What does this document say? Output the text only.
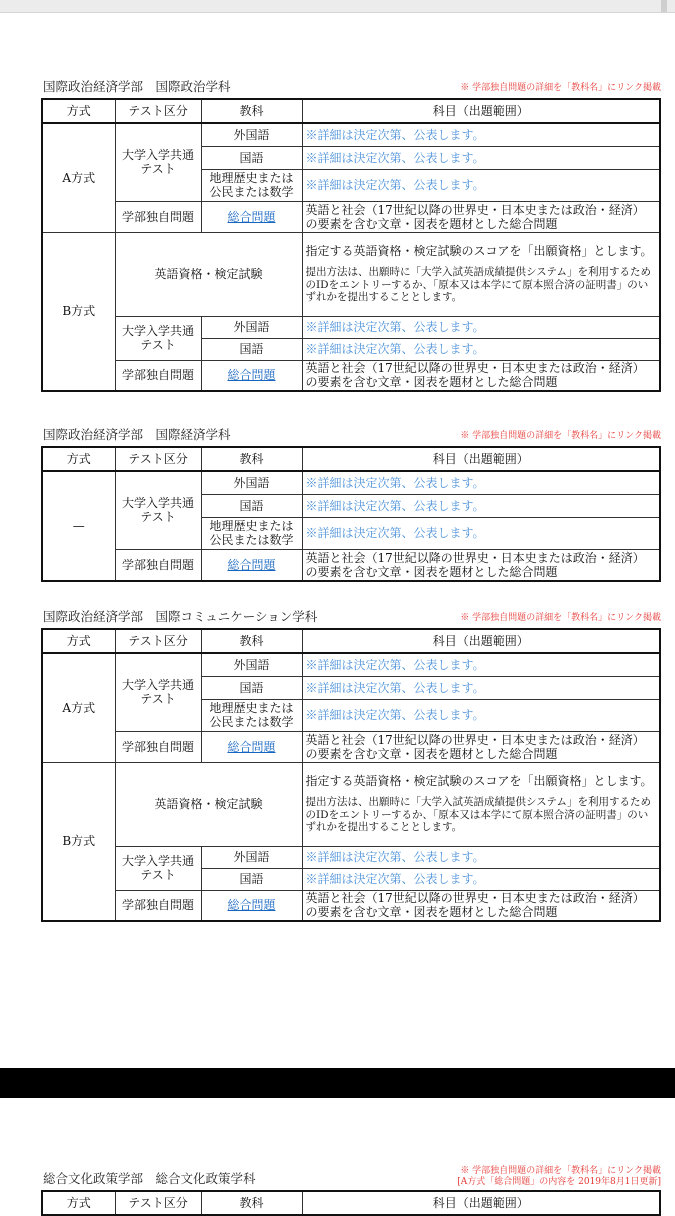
国際政治経済学部　国際政治学科	※ 学部独自問題の詳細を「教科名」にリンク掲載
方式	テスト区分	教科	科目（出題範囲）
A方式	大学入学共通テスト	外国語	※詳細は決定次第、公表します。
		国語	※詳細は決定次第、公表します。
		地理歴史または公民または数学	※詳細は決定次第、公表します。
	学部独自問題	総合問題	英語と社会（17世紀以降の世界史・日本史または政治・経済）の要素を含む文章・図表を題材とした総合問題
B方式	英語資格・検定試験		指定する英語資格・検定試験のスコアを「出願資格」とします。

提出方法は、出願時に「大学入試英語成績提供システム」を利用するためのIDをエントリーするか、「原本又は本学にて原本照合済の証明書」のいずれかを提出することとします。

	大学入学共通テスト	外国語	※詳細は決定次第、公表します。
		国語	※詳細は決定次第、公表します。
	学部独自問題	総合問題	英語と社会（17世紀以降の世界史・日本史または政治・経済）の要素を含む文章・図表を題材とした総合問題
国際政治経済学部　国際経済学科	※ 学部独自問題の詳細を「教科名」にリンク掲載
方式	テスト区分	教科	科目（出題範囲）
—	大学入学共通テスト	外国語	※詳細は決定次第、公表します。
		国語	※詳細は決定次第、公表します。
		地理歴史または公民または数学	※詳細は決定次第、公表します。
	学部独自問題	総合問題	英語と社会（17世紀以降の世界史・日本史または政治・経済）の要素を含む文章・図表を題材とした総合問題
国際政治経済学部　国際コミュニケーション学科	※ 学部独自問題の詳細を「教科名」にリンク掲載
方式	テスト区分	教科	科目（出題範囲）
A方式	大学入学共通テスト	外国語	※詳細は決定次第、公表します。
		国語	※詳細は決定次第、公表します。
		地理歴史または公民または数学	※詳細は決定次第、公表します。
	学部独自問題	総合問題	英語と社会（17世紀以降の世界史・日本史または政治・経済）の要素を含む文章・図表を題材とした総合問題
B方式	英語資格・検定試験		指定する英語資格・検定試験のスコアを「出願資格」とします。

提出方法は、出願時に「大学入試英語成績提供システム」を利用するためのIDをエントリーするか、「原本又は本学にて原本照合済の証明書」のいずれかを提出することとします。

	大学入学共通テスト	外国語	※詳細は決定次第、公表します。
		国語	※詳細は決定次第、公表します。
	学部独自問題	総合問題	英語と社会（17世紀以降の世界史・日本史または政治・経済）の要素を含む文章・図表を題材とした総合問題
総合文化政策学部　総合文化政策学科	※ 学部独自問題の詳細を「教科名」にリンク掲載
[A方式「総合問題」の内容を 2019年8月1日更新]
方式	テスト区分	教科	科目（出題範囲）
